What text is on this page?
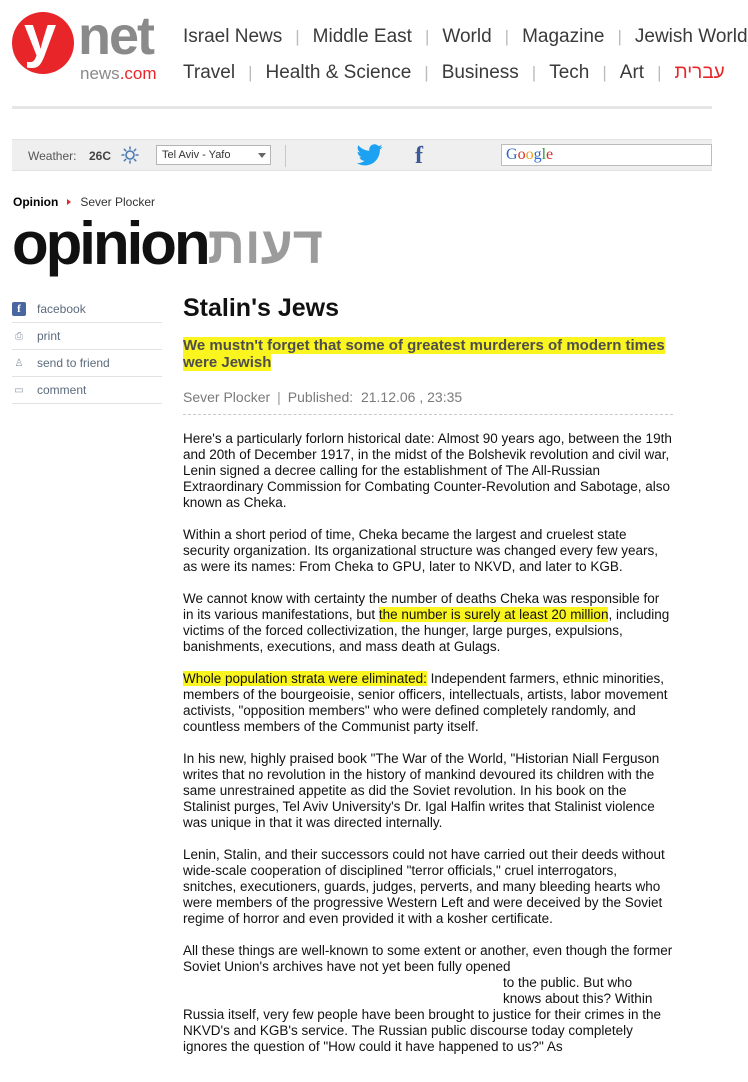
y net
news.com
Israel News | Middle East | World | Magazine | Jewish World
Travel | Health & Science | Business | Tech | Art | עברית
Weather: 26C	Tel Aviv - Yafo	f	Google
Opinion Sever Plocker
opinion דעות
f	facebook
⎙ print
♙ send to friend
▭ comment
Stalin's Jews
We mustn't forget that some of greatest murderers of modern times were Jewish
Sever Plocker | Published: 21.12.06 , 23:35

Here's a particularly forlorn historical date: Almost 90 years ago, between the 19th and 20th of December 1917, in the midst of the Bolshevik revolution and civil war, Lenin signed a decree calling for the establishment of The All-Russian Extraordinary Commission for Combating Counter-Revolution and Sabotage, also known as Cheka.

Within a short period of time, Cheka became the largest and cruelest state security organization. Its organizational structure was changed every few years, as were its names: From Cheka to GPU, later to NKVD, and later to KGB.

We cannot know with certainty the number of deaths Cheka was responsible for in its various manifestations, but the number is surely at least 20 million, including victims of the forced collectivization, the hunger, large purges, expulsions, banishments, executions, and mass death at Gulags.

Whole population strata were eliminated: Independent farmers, ethnic minorities, members of the bourgeoisie, senior officers, intellectuals, artists, labor movement activists, "opposition members" who were defined completely randomly, and countless members of the Communist party itself.

In his new, highly praised book "The War of the World, "Historian Niall Ferguson writes that no revolution in the history of mankind devoured its children with the same unrestrained appetite as did the Soviet revolution. In his book on the Stalinist purges, Tel Aviv University's Dr. Igal Halfin writes that Stalinist violence was unique in that it was directed internally.

Lenin, Stalin, and their successors could not have carried out their deeds without wide-scale cooperation of disciplined "terror officials," cruel interrogators, snitches, executioners, guards, judges, perverts, and many bleeding hearts who were members of the progressive Western Left and were deceived by the Soviet regime of horror and even provided it with a kosher certificate.

All these things are well-known to some extent or another, even though the former Soviet Union's archives have not yet been fully opened
to the public. But who
knows about this? Within
Russia itself, very few people have been brought to justice for their crimes in the NKVD's and KGB's service. The Russian public discourse today completely ignores the question of "How could it have happened to us?" As
